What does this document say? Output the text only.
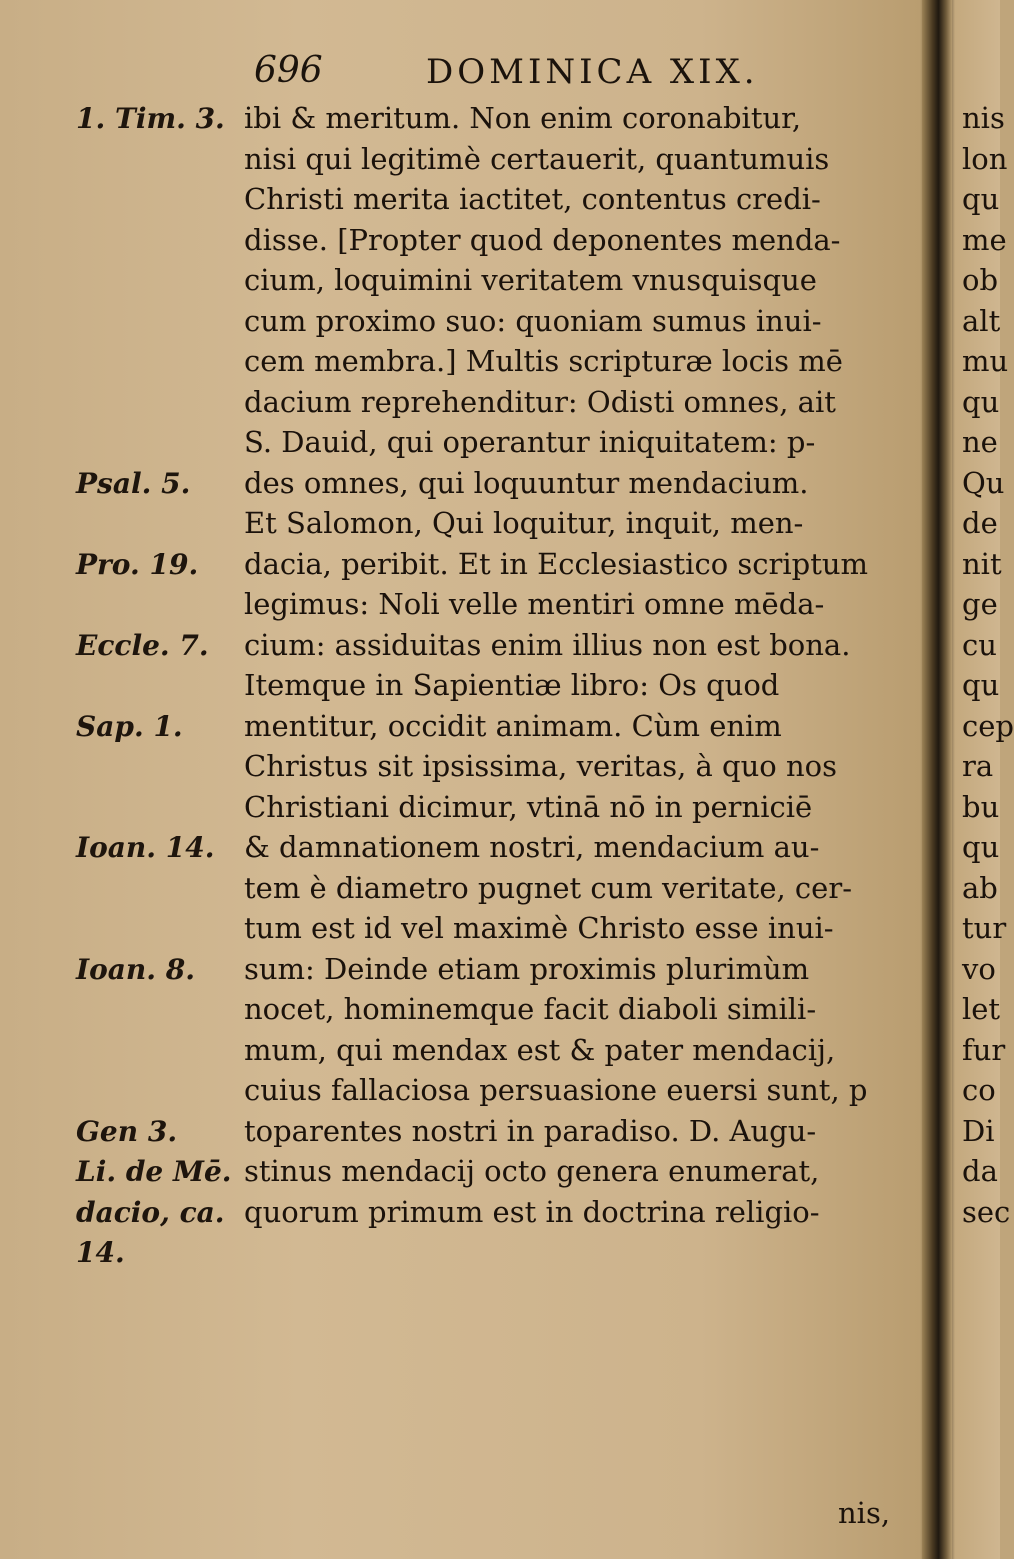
696	DOMINICA XIX.
1. Tim. 3.
Psal. 5.
Pro. 19.
Eccle. 7.
Sap. 1.
Ioan. 14.
Ioan. 8.
Gen 3.
Li. de Mē.
dacio, ca.
14.
ibi & meritum. Non enim coronabitur,
nisi qui legitimè certauerit, quantumuis
Christi merita iactitet, contentus credi-
disse. [Propter quod deponentes menda-
cium, loquimini veritatem vnusquisque
cum proximo suo: quoniam sumus inui-
cem membra.] Multis scripturæ locis mē
dacium reprehenditur: Odisti omnes, ait
S. Dauid, qui operantur iniquitatem: p-
des omnes, qui loquuntur mendacium.
Et Salomon, Qui loquitur, inquit, men-
dacia, peribit. Et in Ecclesiastico scriptum
legimus: Noli velle mentiri omne mēda-
cium: assiduitas enim illius non est bona.
Itemque in Sapientiæ libro: Os quod
mentitur, occidit animam. Cùm enim
Christus sit ipsissima, veritas, à quo nos
Christiani dicimur, vtinā nō in perniciē
& damnationem nostri, mendacium au-
tem è diametro pugnet cum veritate, cer-
tum est id vel maximè Christo esse inui-
sum: Deinde etiam proximis plurimùm
nocet, hominemque facit diaboli simili-
mum, qui mendax est & pater mendacij,
cuius fallaciosa persuasione euersi sunt, p
toparentes nostri in paradiso. D. Augu-
stinus mendacij octo genera enumerat,
quorum primum est in doctrina religio-
nis,
nis
lon
qu
me
ob
alt
mu
qu
ne
Qu
de
nit
ge
cu
qu
cep
ra
bu
qu
ab
tur
vo
let
fur
co
Di
da
sec
